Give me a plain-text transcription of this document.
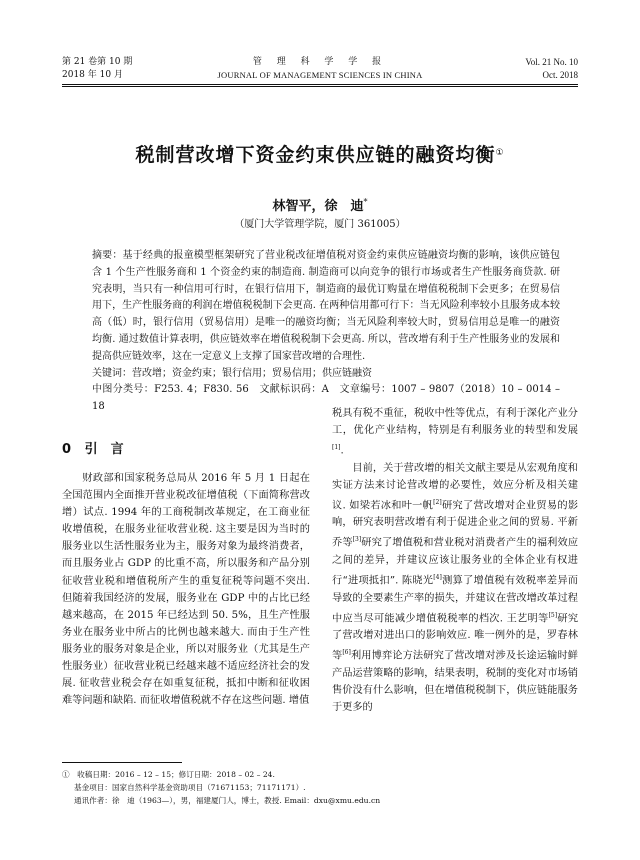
第 21 卷第 10 期
2018 年 10 月
管 理 科 学 学 报
JOURNAL OF MANAGEMENT SCIENCES IN CHINA
Vol. 21 No. 10
Oct. 2018
税制营改增下资金约束供应链的融资均衡①
林智平，徐　迪*
（厦门大学管理学院，厦门 361005）

摘要：基于经典的报童模型框架研究了营业税改征增值税对资金约束供应链融资均衡的影响，该供应链包含 1 个生产性服务商和 1 个资金约束的制造商. 制造商可以向竞争的银行市场或者生产性服务商贷款. 研究表明，当只有一种信用可行时，在银行信用下，制造商的最优订购量在增值税税制下会更多；在贸易信用下，生产性服务商的利润在增值税税制下会更高. 在两种信用都可行下：当无风险利率较小且服务成本较高（低）时，银行信用（贸易信用）是唯一的融资均衡；当无风险利率较大时，贸易信用总是唯一的融资均衡. 通过数值计算表明，供应链效率在增值税税制下会更高. 所以，营改增有利于生产性服务业的发展和提高供应链效率，这在一定意义上支撑了国家营改增的合理性.

关键词：营改增；资金约束；银行信用；贸易信用；供应链融资

中图分类号：F253. 4；F830. 56　文献标识码：A　文章编号：1007 – 9807（2018）10 – 0014 – 18

0 引　言

财政部和国家税务总局从 2016 年 5 月 1 日起在全国范围内全面推开营业税改征增值税（下面简称营改增）试点. 1994 年的工商税制改革规定，在工商业征收增值税，在服务业征收营业税. 这主要是因为当时的服务业以生活性服务业为主，服务对象为最终消费者，而且服务业占 GDP 的比重不高，所以服务和产品分别征收营业税和增值税所产生的重复征税等问题不突出. 但随着我国经济的发展，服务业在 GDP 中的占比已经越来越高，在 2015 年已经达到 50. 5%，且生产性服务业在服务业中所占的比例也越来越大. 而由于生产性服务业的服务对象是企业，所以对服务业（尤其是生产性服务业）征收营业税已经越来越不适应经济社会的发展. 征收营业税会存在如重复征税，抵扣中断和征收困难等问题和缺陷. 而征收增值税就不存在这些问题. 增值

税具有税不重征，税收中性等优点，有利于深化产业分工，优化产业结构，特别是有利服务业的转型和发展[1].

目前，关于营改增的相关文献主要是从宏观角度和实证方法来讨论营改增的必要性，效应分析及相关建议. 如梁若冰和叶一帆[2]研究了营改增对企业贸易的影响，研究表明营改增有利于促进企业之间的贸易. 平新乔等[3]研究了增值税和营业税对消费者产生的福利效应之间的差异，并建议应该让服务业的全体企业有权进行“进项抵扣”. 陈晓光[4]测算了增值税有效税率差异而导致的全要素生产率的损失，并建议在营改增改革过程中应当尽可能减少增值税税率的档次. 王艺明等[5]研究了营改增对进出口的影响效应. 唯一例外的是，罗春林等[6]利用博弈论方法研究了营改增对涉及长途运输时鲜产品运营策略的影响，结果表明，税制的变化对市场销售价没有什么影响，但在增值税税制下，供应链能服务于更多的

①　收稿日期：2016 – 12 – 15；修订日期：2018 – 02 – 24.
基金项目：国家自然科学基金资助项目（71671153；71171171）.
通讯作者：徐　迪（1963—），男，福建厦门人，博士，教授. Email：dxu@xmu.edu.cn
